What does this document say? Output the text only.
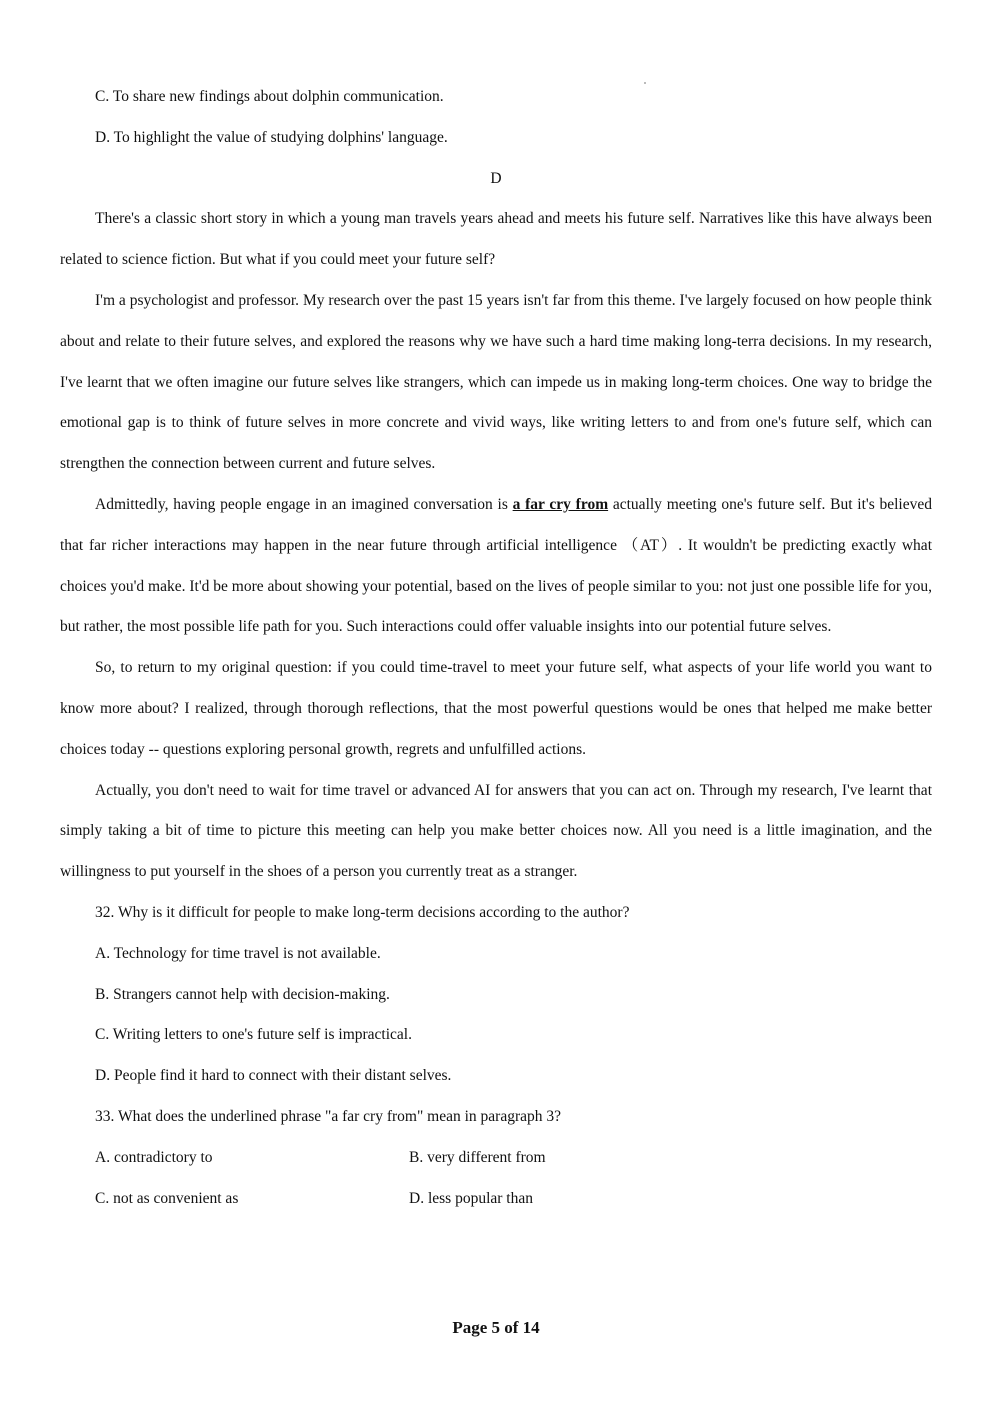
C. To share new findings about dolphin communication.

D. To highlight the value of studying dolphins' language.

D

There's a classic short story in which a young man travels years ahead and meets his future self. Narratives like this have always been related to science fiction. But what if you could meet your future self?

I'm a psychologist and professor. My research over the past 15 years isn't far from this theme. I've largely focused on how people think about and relate to their future selves, and explored the reasons why we have such a hard time making long-terra decisions. In my research, I've learnt that we often imagine our future selves like strangers, which can impede us in making long-term choices. One way to bridge the emotional gap is to think of future selves in more concrete and vivid ways, like writing letters to and from one's future self, which can strengthen the connection between current and future selves.

Admittedly, having people engage in an imagined conversation is a far cry from actually meeting one's future self. But it's believed that far richer interactions may happen in the near future through artificial intelligence （AT）. It wouldn't be predicting exactly what choices you'd make. It'd be more about showing your potential, based on the lives of people similar to you: not just one possible life for you, but rather, the most possible life path for you. Such interactions could offer valuable insights into our potential future selves.

So, to return to my original question: if you could time-travel to meet your future self, what aspects of your life world you want to know more about? I realized, through thorough reflections, that the most powerful questions would be ones that helped me make better choices today -- questions exploring personal growth, regrets and unfulfilled actions.

Actually, you don't need to wait for time travel or advanced AI for answers that you can act on. Through my research, I've learnt that simply taking a bit of time to picture this meeting can help you make better choices now. All you need is a little imagination, and the willingness to put yourself in the shoes of a person you currently treat as a stranger.

32. Why is it difficult for people to make long-term decisions according to the author?

A. Technology for time travel is not available.

B. Strangers cannot help with decision-making.

C. Writing letters to one's future self is impractical.

D. People find it hard to connect with their distant selves.

33. What does the underlined phrase "a far cry from" mean in paragraph 3?

A. contradictory to	B. very different from
C. not as convenient as	D. less popular than
Page 5 of 14
